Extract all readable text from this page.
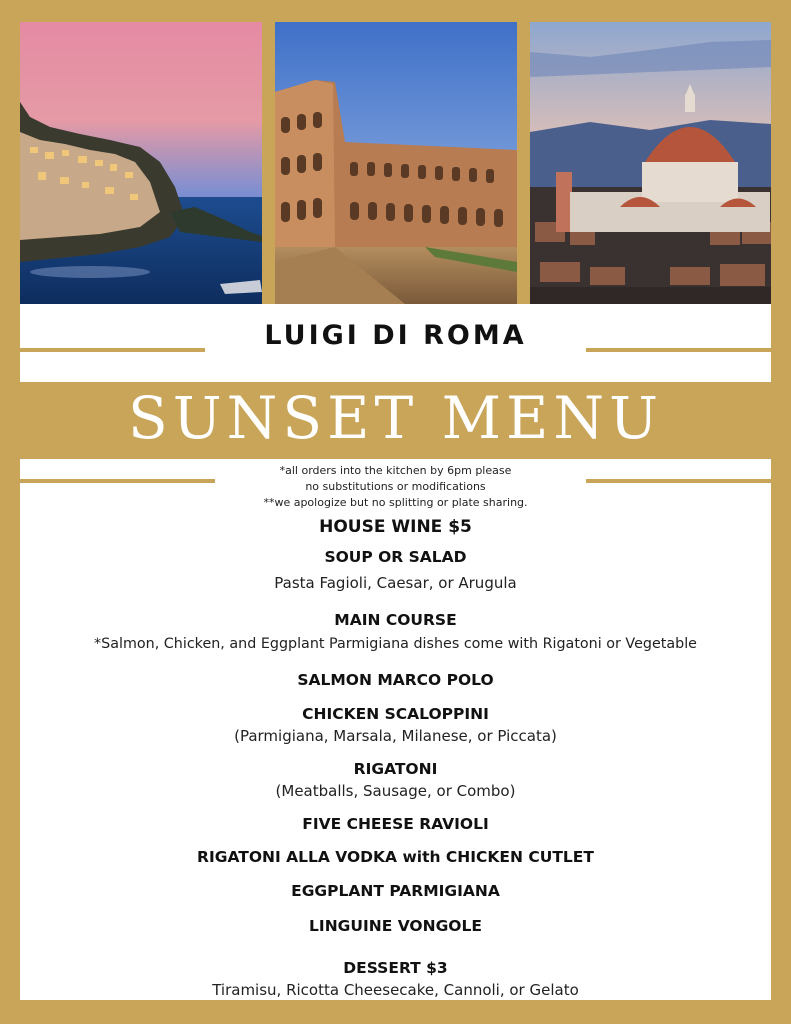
LUIGI DI ROMA
SUNSET MENU
*all orders into the kitchen by 6pm please
no substitutions or modifications
**we apologize but no splitting or plate sharing.
HOUSE WINE $5
SOUP OR SALAD
Pasta Fagioli, Caesar, or Arugula
MAIN COURSE
*Salmon, Chicken, and Eggplant Parmigiana dishes come with Rigatoni or Vegetable
SALMON MARCO POLO
CHICKEN SCALOPPINI
(Parmigiana, Marsala, Milanese, or Piccata)
RIGATONI
(Meatballs, Sausage, or Combo)
FIVE CHEESE RAVIOLI
RIGATONI ALLA VODKA with CHICKEN CUTLET
EGGPLANT PARMIGIANA
LINGUINE VONGOLE
DESSERT $3
Tiramisu, Ricotta Cheesecake, Cannoli, or Gelato
